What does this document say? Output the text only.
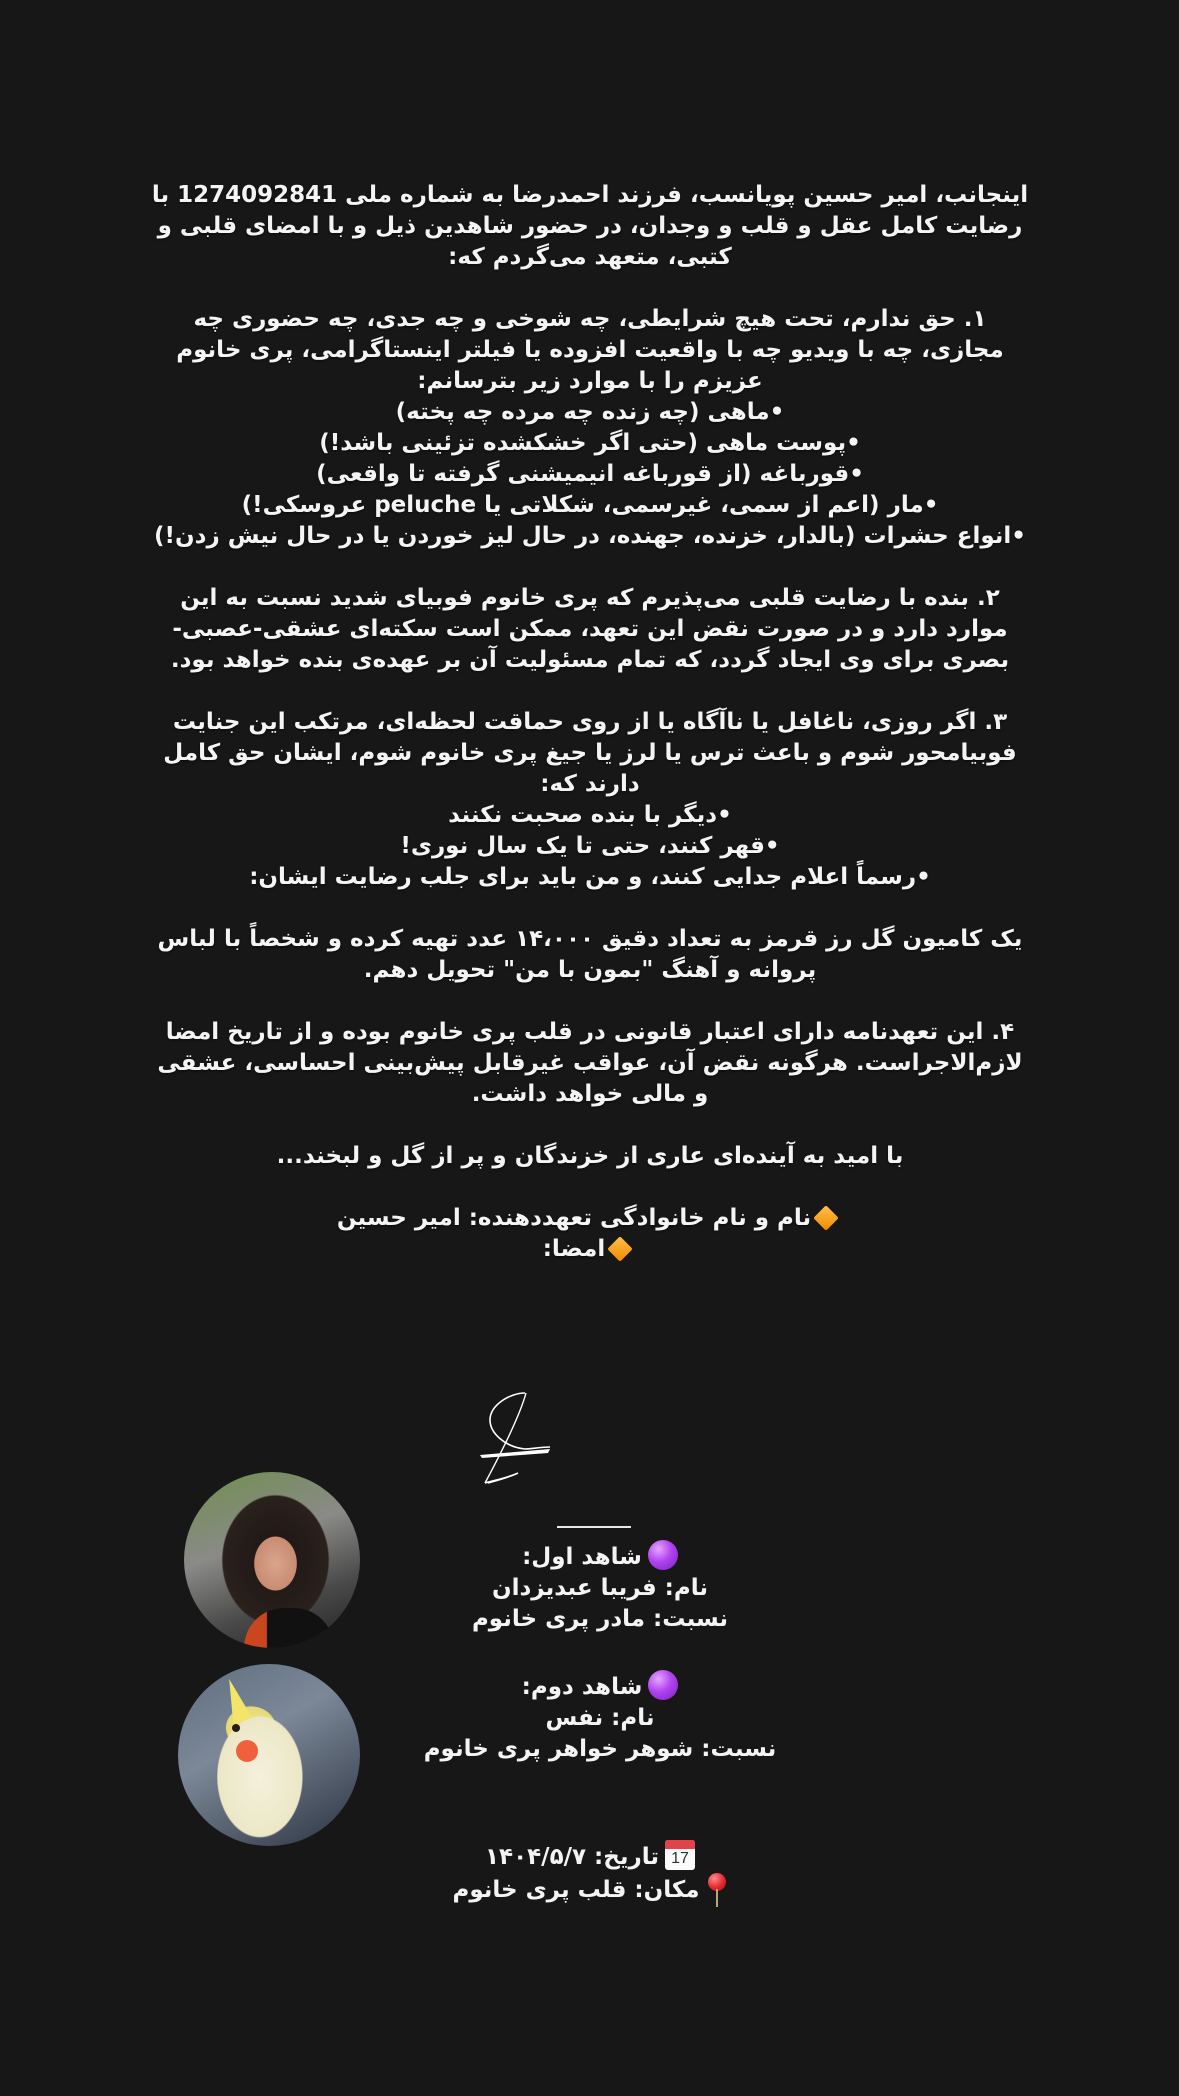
اینجانب، امیر حسین پویانسب، فرزند احمدرضا به شماره ملی 1274092841 با رضایت کامل عقل و قلب و وجدان، در حضور شاهدین ذیل و با امضای قلبی و کتبی، متعهد می‌گردم که:

۱. حق ندارم، تحت هیچ شرایطی، چه شوخی و چه جدی، چه حضوری چه مجازی، چه با ویدیو چه با واقعیت افزوده یا فیلتر اینستاگرامی، پری خانوم عزیزم را با موارد زیر بترسانم:

•ماهی (چه زنده چه مرده چه پخته)
•پوست ماهی (حتی اگر خشکشده تزئینی باشد!)
•قورباغه (از قورباغه انیمیشنی گرفته تا واقعی)
•مار (اعم از سمی، غیرسمی، شکلاتی یا peluche عروسکی!)
•انواع حشرات (بالدار، خزنده، جهنده، در حال لیز خوردن یا در حال نیش زدن!)

۲. بنده با رضایت قلبی می‌پذیرم که پری خانوم فوبیای شدید نسبت به این موارد دارد و در صورت نقض این تعهد، ممکن است سکته‌ای عشقی-عصبی-بصری برای وی ایجاد گردد، که تمام مسئولیت آن بر عهده‌ی بنده خواهد بود.

۳. اگر روزی، ناغافل یا ناآگاه یا از روی حماقت لحظه‌ای، مرتکب این جنایت فوبیامحور شوم و باعث ترس یا لرز یا جیغ پری خانوم شوم، ایشان حق کامل دارند که:

•دیگر با بنده صحبت نکنند
•قهر کنند، حتی تا یک سال نوری!
•رسماً اعلام جدایی کنند، و من باید برای جلب رضایت ایشان:

یک کامیون گل رز قرمز به تعداد دقیق ۱۴،۰۰۰ عدد تهیه کرده و شخصاً با لباس پروانه و آهنگ "بمون با من" تحویل دهم.

۴. این تعهدنامه دارای اعتبار قانونی در قلب پری خانوم بوده و از تاریخ امضا لازم‌الاجراست. هرگونه نقض آن، عواقب غیرقابل پیش‌بینی احساسی، عشقی و مالی خواهد داشت.

با امید به آینده‌ای عاری از خزندگان و پر از گل و لبخند...

نام و نام خانوادگی تعهددهنده: امیر حسین

امضا:

شاهد اول:
نام: فریبا عبدیزدان
نسبت: مادر پری خانوم
شاهد دوم:
نام: نفس
نسبت: شوهر خواهر پری خانوم
17
تاریخ: ۱۴۰۴/۵/۷
مکان: قلب پری خانوم
